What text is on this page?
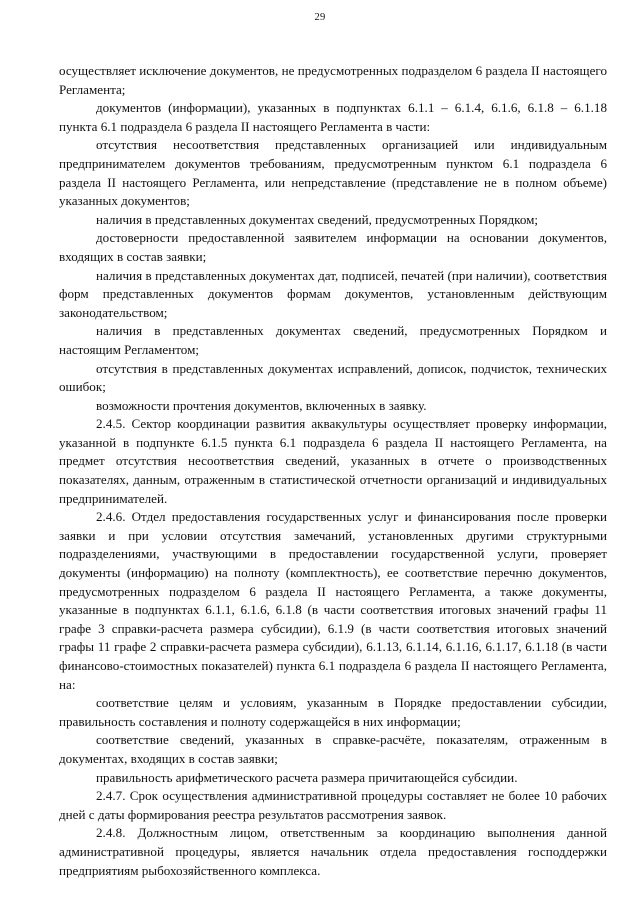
29

осуществляет исключение документов, не предусмотренных подразделом 6 раздела II настоящего Регламента;

документов (информации), указанных в подпунктах 6.1.1 – 6.1.4, 6.1.6, 6.1.8 – 6.1.18 пункта 6.1 подраздела 6 раздела II настоящего Регламента в части:

отсутствия несоответствия представленных организацией или индивидуальным предпринимателем документов требованиям, предусмотренным пунктом 6.1 подраздела 6 раздела II настоящего Регламента, или непредставление (представление не в полном объеме) указанных документов;

наличия в представленных документах сведений, предусмотренных Порядком;

достоверности предоставленной заявителем информации на основании документов, входящих в состав заявки;

наличия в представленных документах дат, подписей, печатей (при наличии), соответствия форм представленных документов формам документов, установленным действующим законодательством;

наличия в представленных документах сведений, предусмотренных Порядком и настоящим Регламентом;

отсутствия в представленных документах исправлений, дописок, подчисток, технических ошибок;

возможности прочтения документов, включенных в заявку.

2.4.5. Сектор координации развития аквакультуры осуществляет проверку информации, указанной в подпункте 6.1.5 пункта 6.1 подраздела 6 раздела II настоящего Регламента, на предмет отсутствия несоответствия сведений, указанных в отчете о производственных показателях, данным, отраженным в статистической отчетности организаций и индивидуальных предпринимателей.

2.4.6. Отдел предоставления государственных услуг и финансирования после проверки заявки и при условии отсутствия замечаний, установленных другими структурными подразделениями, участвующими в предоставлении государственной услуги, проверяет документы (информацию) на полноту (комплектность), ее соответствие перечню документов, предусмотренных подразделом 6 раздела II настоящего Регламента, а также документы, указанные в подпунктах 6.1.1, 6.1.6, 6.1.8 (в части соответствия итоговых значений графы 11 графе 3 справки-расчета размера субсидии), 6.1.9 (в части соответствия итоговых значений графы 11 графе 2 справки-расчета размера субсидии), 6.1.13, 6.1.14, 6.1.16, 6.1.17, 6.1.18 (в части финансово-стоимостных показателей) пункта 6.1 подраздела 6 раздела II настоящего Регламента, на:

соответствие целям и условиям, указанным в Порядке предоставлении субсидии, правильность составления и полноту содержащейся в них информации;

соответствие сведений, указанных в справке-расчёте, показателям, отраженным в документах, входящих в состав заявки;

правильность арифметического расчета размера причитающейся субсидии.

2.4.7. Срок осуществления административной процедуры составляет не более 10 рабочих дней с даты формирования реестра результатов рассмотрения заявок.

2.4.8. Должностным лицом, ответственным за координацию выполнения данной административной процедуры, является начальник отдела предоставления господдержки предприятиям рыбохозяйственного комплекса.
